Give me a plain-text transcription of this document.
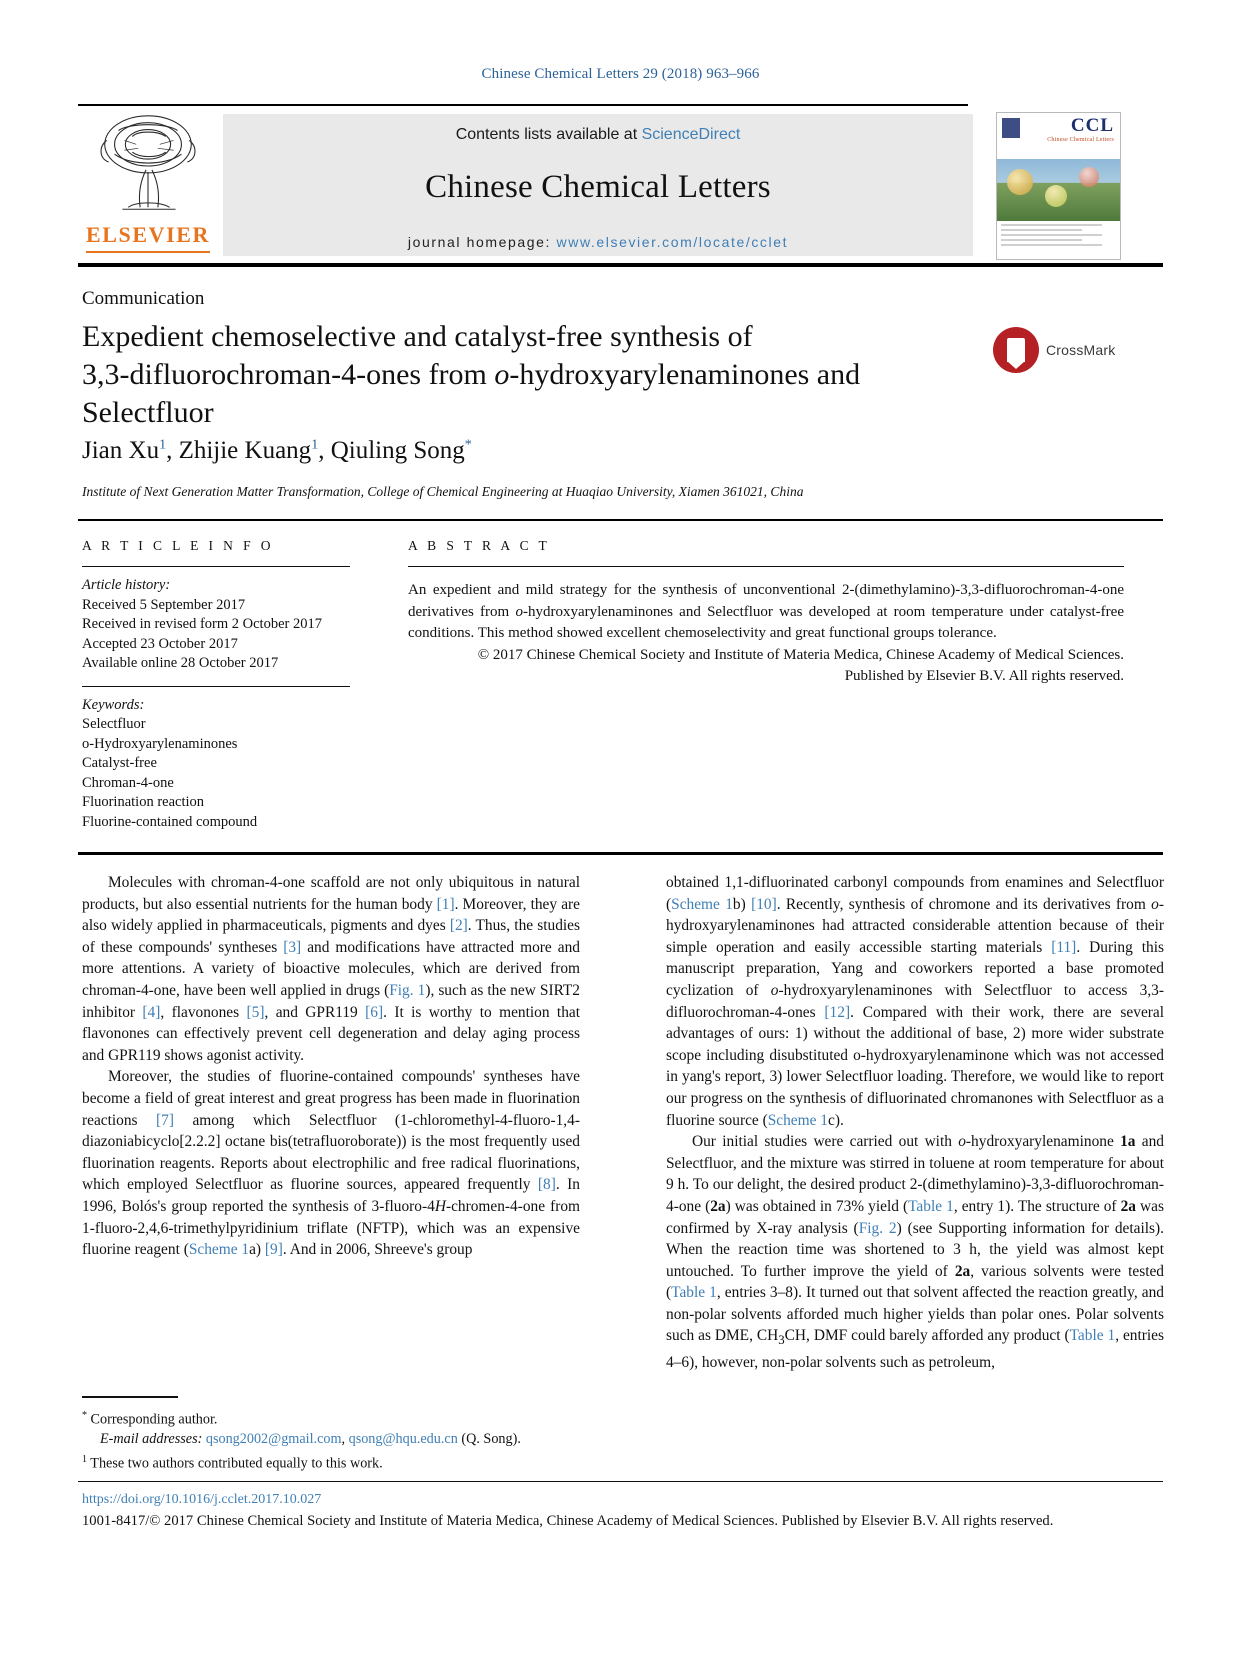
Chinese Chemical Letters 29 (2018) 963–966
ELSEVIER
Contents lists available at ScienceDirect
Chinese Chemical Letters
journal homepage: www.elsevier.com/locate/cclet
CCL
Chinese Chemical Letters
Communication
Expedient chemoselective and catalyst-free synthesis of
3,3-difluorochroman-4-ones from o-hydroxyarylenaminones and
Selectfluor
CrossMark
Jian Xu$^1$, Zhijie Kuang$^1$, Qiuling Song*
Institute of Next Generation Matter Transformation, College of Chemical Engineering at Huaqiao University, Xiamen 361021, China
A R T I C L E I N F O
Article history:
Received 5 September 2017
Received in revised form 2 October 2017
Accepted 23 October 2017
Available online 28 October 2017
Keywords:
Selectfluor
o-Hydroxyarylenaminones
Catalyst-free
Chroman-4-one
Fluorination reaction
Fluorine-contained compound
A B S T R A C T
An expedient and mild strategy for the synthesis of unconventional 2-(dimethylamino)-3,3-difluorochroman-4-one derivatives from o-hydroxyarylenaminones and Selectfluor was developed at room temperature under catalyst-free conditions. This method showed excellent chemoselectivity and great functional groups tolerance.
© 2017 Chinese Chemical Society and Institute of Materia Medica, Chinese Academy of Medical Sciences.
Published by Elsevier B.V. All rights reserved.

Molecules with chroman-4-one scaffold are not only ubiquitous in natural products, but also essential nutrients for the human body [1]. Moreover, they are also widely applied in pharmaceuticals, pigments and dyes [2]. Thus, the studies of these compounds' syntheses [3] and modifications have attracted more and more attentions. A variety of bioactive molecules, which are derived from chroman-4-one, have been well applied in drugs (Fig. 1), such as the new SIRT2 inhibitor [4], flavonones [5], and GPR119 [6]. It is worthy to mention that flavonones can effectively prevent cell degeneration and delay aging process and GPR119 shows agonist activity.

Moreover, the studies of fluorine-contained compounds' syntheses have become a field of great interest and great progress has been made in fluorination reactions [7] among which Selectfluor (1-chloromethyl-4-fluoro-1,4-diazoniabicyclo[2.2.2] octane bis(tetrafluoroborate)) is the most frequently used fluorination reagents. Reports about electrophilic and free radical fluorinations, which employed Selectfluor as fluorine sources, appeared frequently [8]. In 1996, Bolós's group reported the synthesis of 3-fluoro-4H-chromen-4-one from 1-fluoro-2,4,6-trimethylpyridinium triflate (NFTP), which was an expensive fluorine reagent (Scheme 1a) [9]. And in 2006, Shreeve's group

obtained 1,1-difluorinated carbonyl compounds from enamines and Selectfluor (Scheme 1b) [10]. Recently, synthesis of chromone and its derivatives from o-hydroxyarylenaminones had attracted considerable attention because of their simple operation and easily accessible starting materials [11]. During this manuscript preparation, Yang and coworkers reported a base promoted cyclization of o-hydroxyarylenaminones with Selectfluor to access 3,3-difluorochroman-4-ones [12]. Compared with their work, there are several advantages of ours: 1) without the additional of base, 2) more wider substrate scope including disubstituted o-hydroxyarylenaminone which was not accessed in yang's report, 3) lower Selectfluor loading. Therefore, we would like to report our progress on the synthesis of difluorinated chromanones with Selectfluor as a fluorine source (Scheme 1c).

Our initial studies were carried out with o-hydroxyarylenaminone 1a and Selectfluor, and the mixture was stirred in toluene at room temperature for about 9 h. To our delight, the desired product 2-(dimethylamino)-3,3-difluorochroman-4-one (2a) was obtained in 73% yield (Table 1, entry 1). The structure of 2a was confirmed by X-ray analysis (Fig. 2) (see Supporting information for details). When the reaction time was shortened to 3 h, the yield was almost kept untouched. To further improve the yield of 2a, various solvents were tested (Table 1, entries 3–8). It turned out that solvent affected the reaction greatly, and non-polar solvents afforded much higher yields than polar ones. Polar solvents such as DME, $CH_3CH$, DMF could barely afforded any product (Table 1, entries 4–6), however, non-polar solvents such as petroleum,

* Corresponding author.
E-mail addresses: qsong2002@gmail.com, qsong@hqu.edu.cn (Q. Song).
$^1$ These two authors contributed equally to this work.
https://doi.org/10.1016/j.cclet.2017.10.027
1001-8417/© 2017 Chinese Chemical Society and Institute of Materia Medica, Chinese Academy of Medical Sciences. Published by Elsevier B.V. All rights reserved.
